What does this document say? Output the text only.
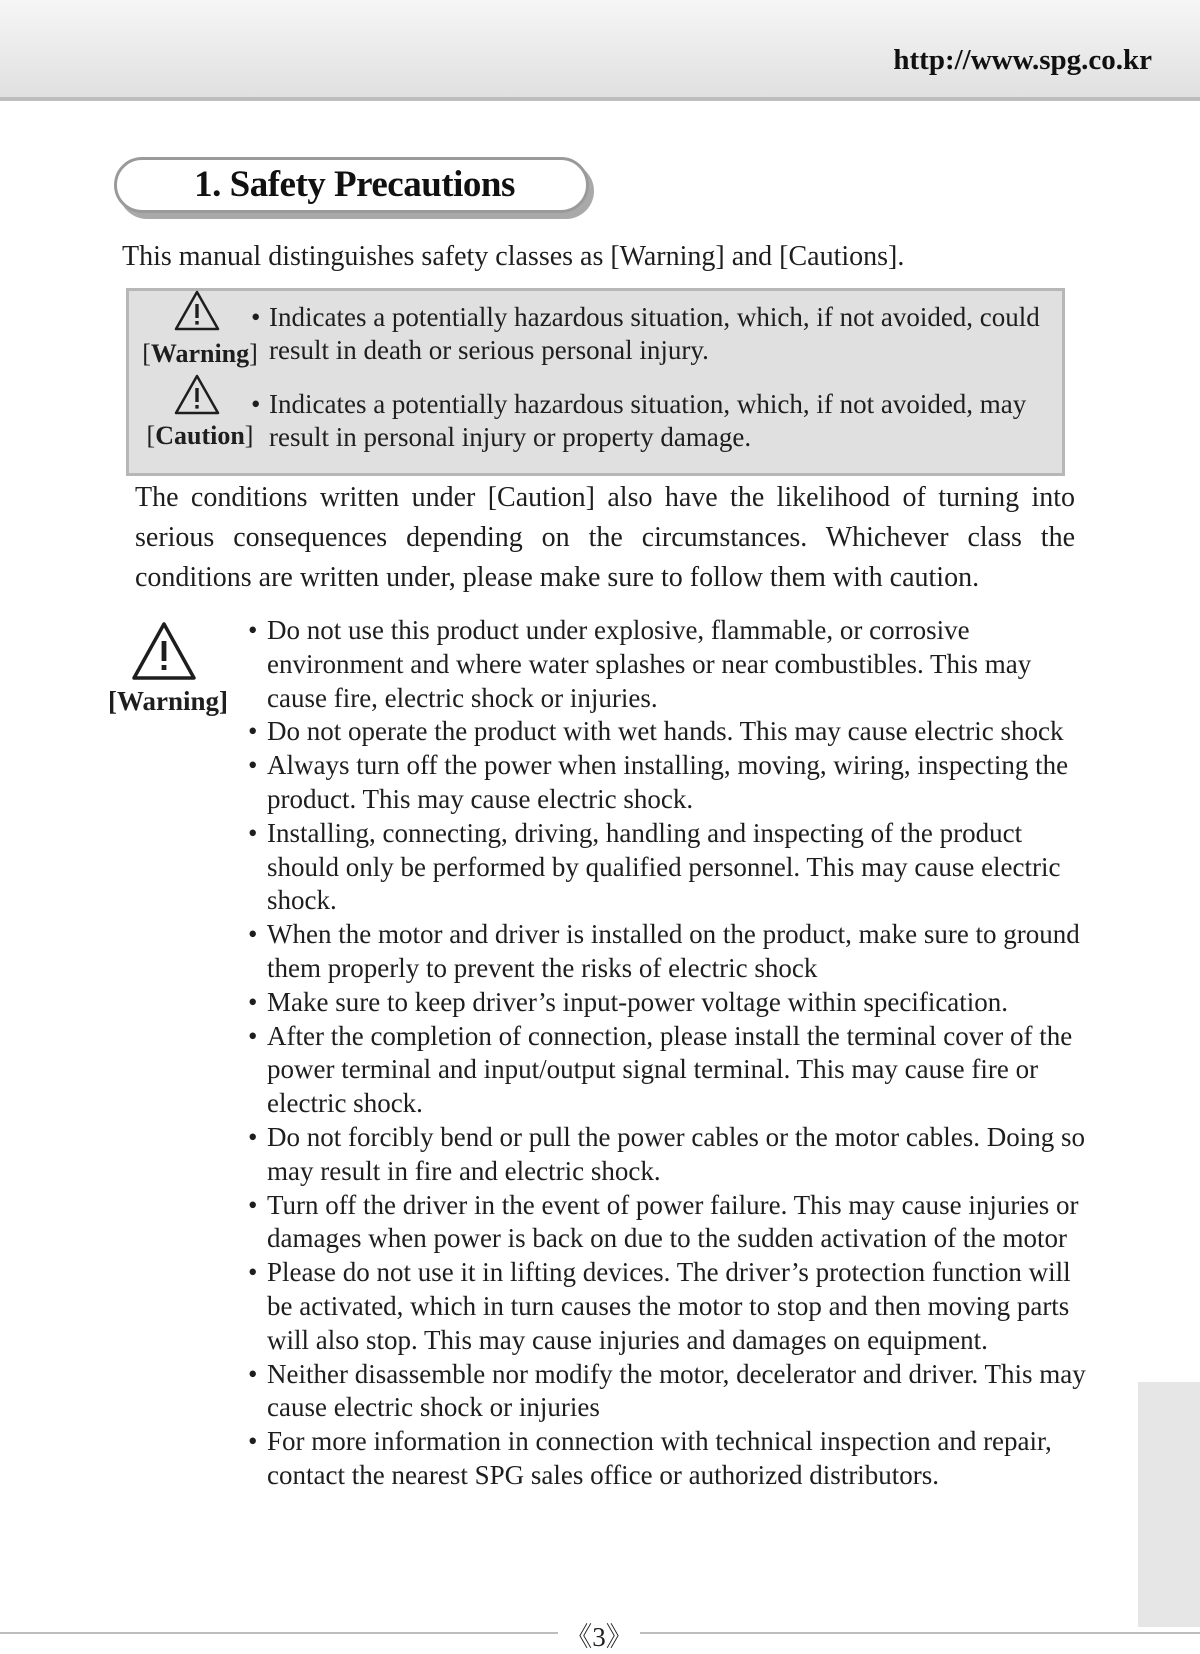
http://www.spg.co.kr
1. Safety Precautions
This manual distinguishes safety classes as [Warning] and [Cautions].
[Warning]
• Indicates a potentially hazardous situation, which, if not avoided, could result in death or serious personal injury.
[Caution]
• Indicates a potentially hazardous situation, which, if not avoided, may result in personal injury or property damage.

The conditions written under [Caution] also have the likelihood of turning into serious consequences depending on the circumstances. Whichever class the conditions are written under, please make sure to follow them with caution.

[Warning]
• Do not use this product under explosive, flammable, or corrosive environment and where water splashes or near combustibles. This may cause fire, electric shock or injuries.
• Do not operate the product with wet hands. This may cause electric shock
• Always turn off the power when installing, moving, wiring, inspecting the product. This may cause electric shock.
• Installing, connecting, driving, handling and inspecting of the product should only be performed by qualified personnel. This may cause electric shock.
• When the motor and driver is installed on the product, make sure to ground them properly to prevent the risks of electric shock
• Make sure to keep driver’s input-power voltage within specification.
• After the completion of connection, please install the terminal cover of the power terminal and input/output signal terminal. This may cause fire or electric shock.
• Do not forcibly bend or pull the power cables or the motor cables. Doing so may result in fire and electric shock.
• Turn off the driver in the event of power failure. This may cause injuries or damages when power is back on due to the sudden activation of the motor
• Please do not use it in lifting devices. The driver’s protection function will be activated, which in turn causes the motor to stop and then moving parts will also stop. This may cause injuries and damages on equipment.
• Neither disassemble nor modify the motor, decelerator and driver. This may cause electric shock or injuries
• For more information in connection with technical inspection and repair, contact the nearest SPG sales office or authorized distributors.
《3》
